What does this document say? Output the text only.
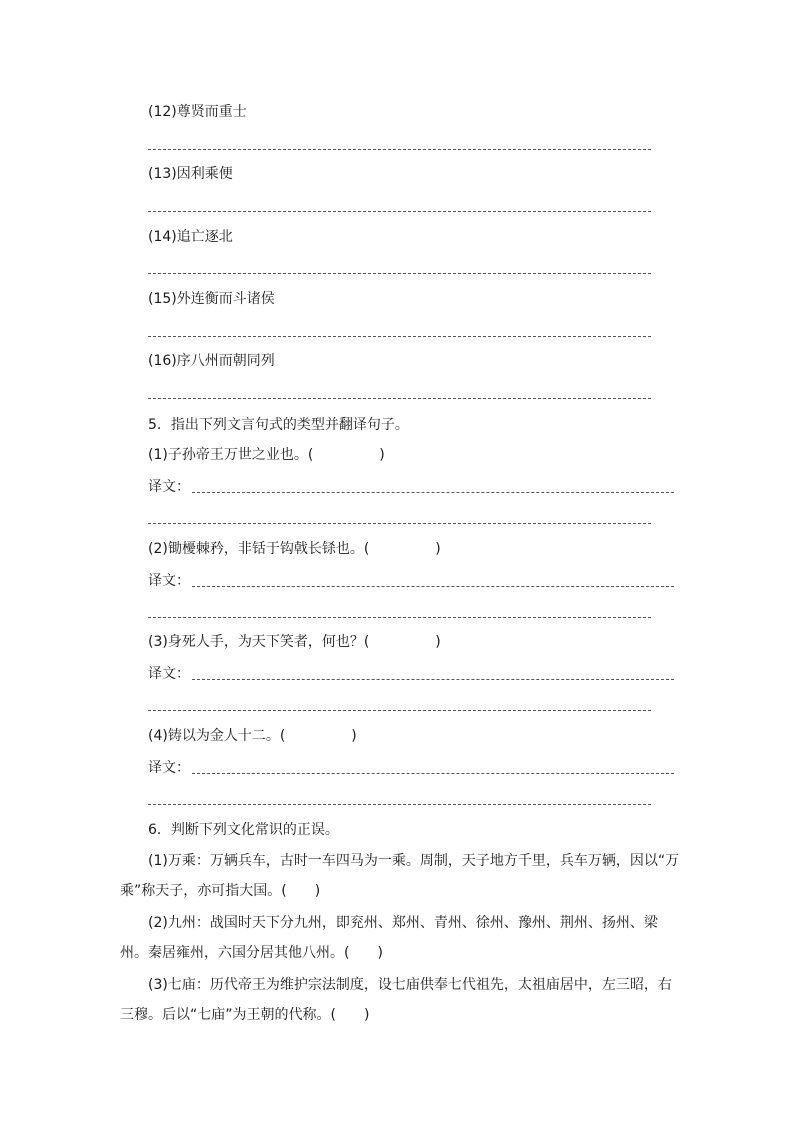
(12)尊贤而重士
(13)因利乘便
(14)追亡逐北
(15)外连衡而斗诸侯
(16)序八州而朝同列
5．指出下列文言句式的类型并翻译句子。
(1)子孙帝王万世之业也。(	)
译文：
(2)锄櫌棘矜，非铦于钩戟长铩也。(	)
译文：
(3)身死人手，为天下笑者，何也？(	)
译文：
(4)铸以为金人十二。(	)
译文：
6．判断下列文化常识的正误。
(1)万乘：万辆兵车，古时一车四马为一乘。周制，天子地方千里，兵车万辆，因以“万乘”称天子，亦可指大国。(　　)
(2)九州：战国时天下分九州，即兖州、郑州、青州、徐州、豫州、荆州、扬州、梁州。秦居雍州，六国分居其他八州。(　　)
(3)七庙：历代帝王为维护宗法制度，设七庙供奉七代祖先，太祖庙居中，左三昭，右三穆。后以“七庙”为王朝的代称。(　　)
